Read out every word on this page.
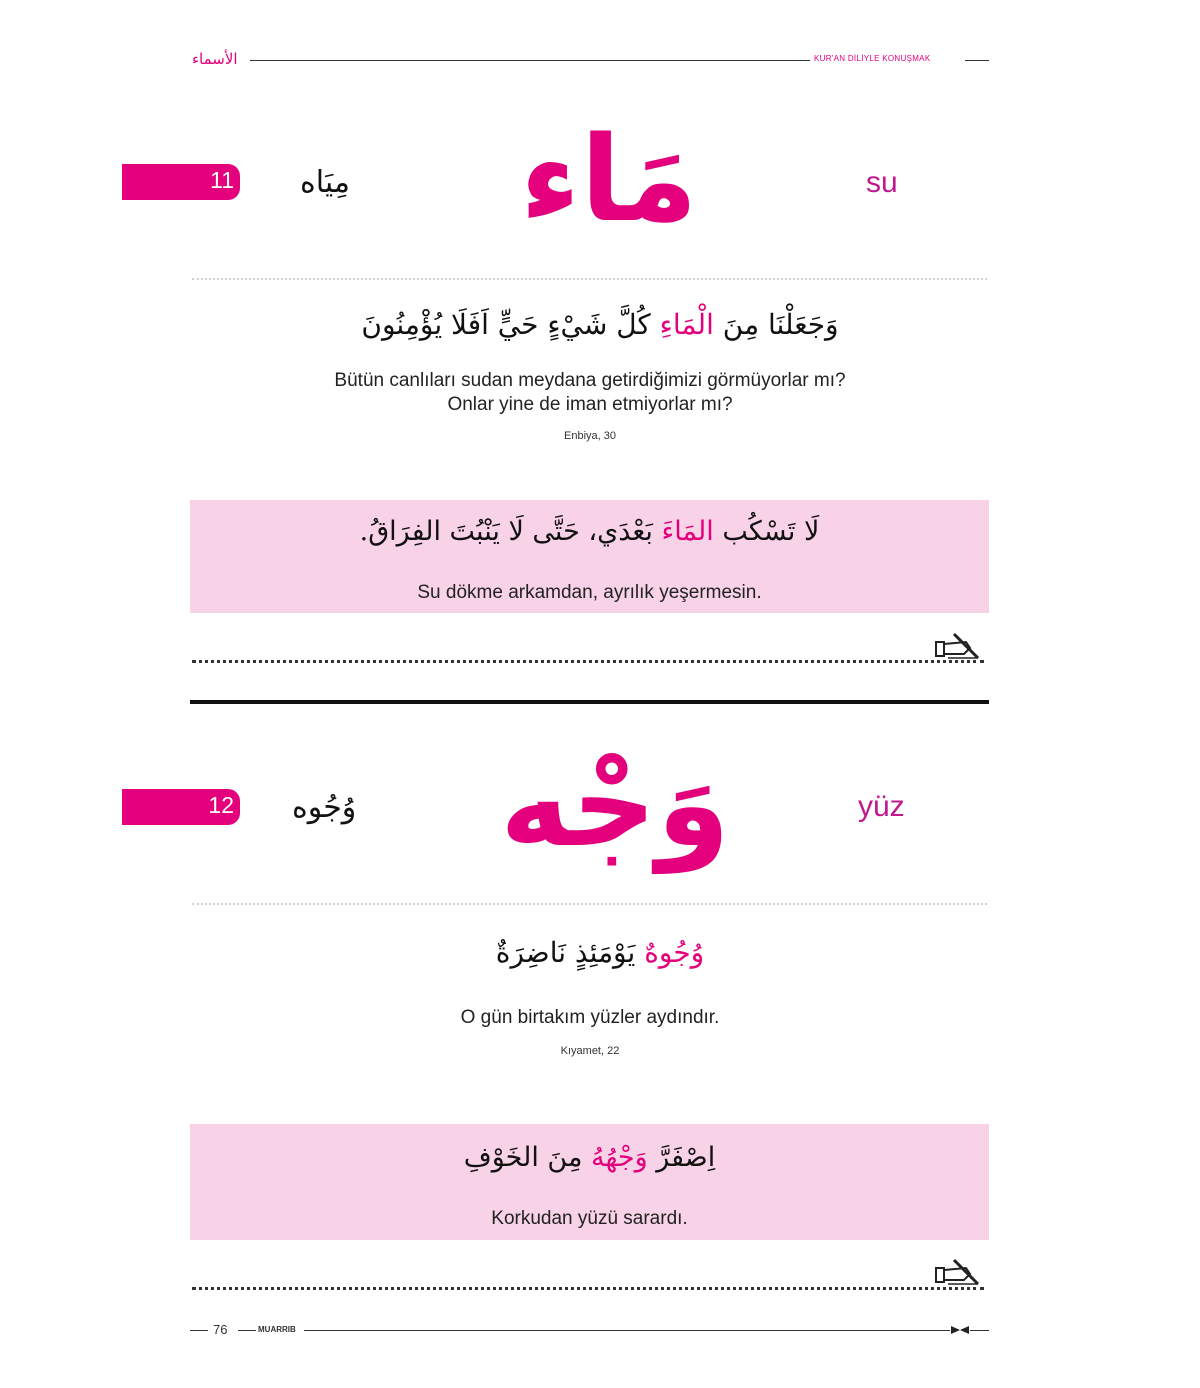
الأسماء	KUR'AN DİLİYLE KONUŞMAK
11 مِيَاه مَاء	su
وَجَعَلْنَا مِنَ الْمَاءِ كُلَّ شَيْءٍ حَيٍّ اَفَلَا يُؤْمِنُونَ
Bütün canlıları sudan meydana getirdiğimizi görmüyorlar mı?
Onlar yine de iman etmiyorlar mı?
Enbiya, 30
لَا تَسْكُب المَاءَ بَعْدَي، حَتَّى لَا يَنْبُتَ الفِرَاقُ.
Su dökme arkamdan, ayrılık yeşermesin.
12 وُجُوه وَجْه	yüz
وُجُوهٌ يَوْمَئِذٍ نَاضِرَةٌ
O gün birtakım yüzler aydındır.
Kıyamet, 22
اِصْفَرَّ وَجْهُهُ مِنَ الخَوْفِ
Korkudan yüzü sarardı.
76	MUARRIB
